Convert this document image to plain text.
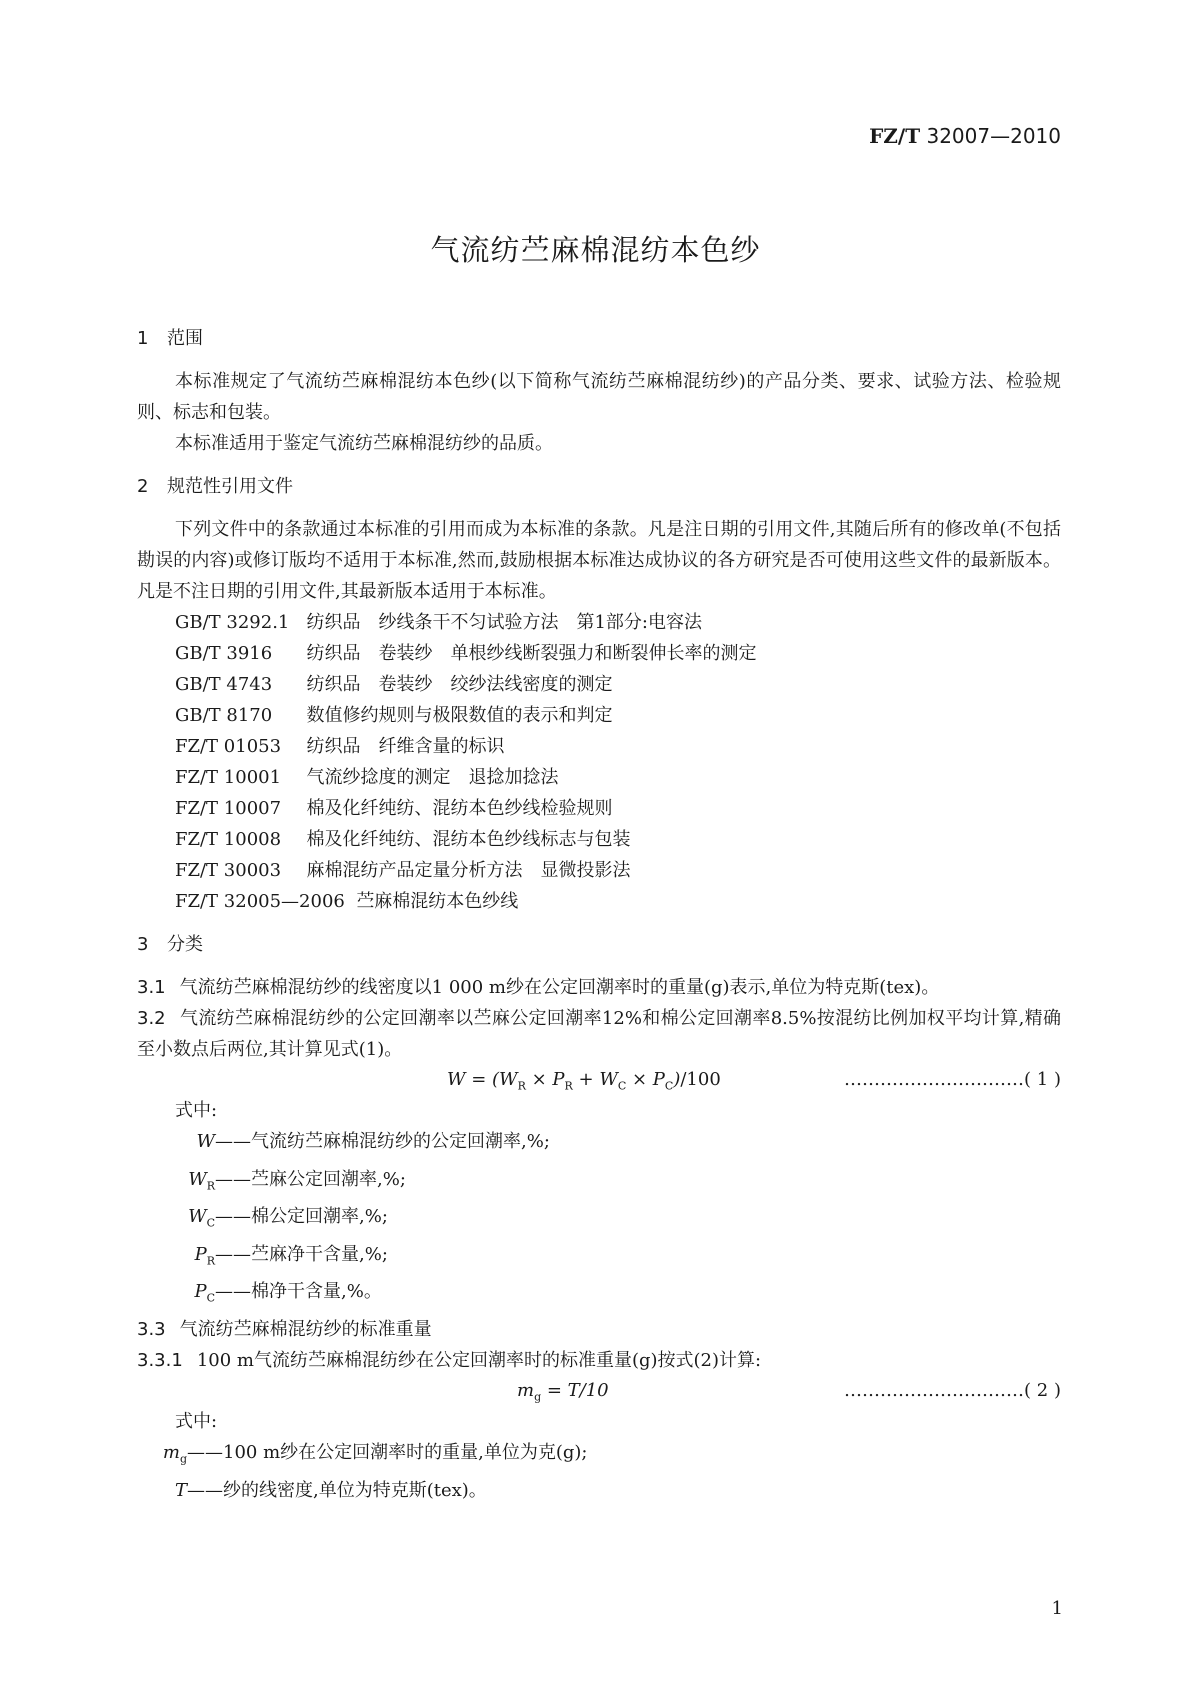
FZ/T 32007—2010
气流纺苎麻棉混纺本色纱
1 范围
本标准规定了气流纺苎麻棉混纺本色纱(以下简称气流纺苎麻棉混纺纱)的产品分类、要求、试验方法、检验规则、标志和包装。
本标准适用于鉴定气流纺苎麻棉混纺纱的品质。
2 规范性引用文件
下列文件中的条款通过本标准的引用而成为本标准的条款。凡是注日期的引用文件,其随后所有的修改单(不包括勘误的内容)或修订版均不适用于本标准,然而,鼓励根据本标准达成协议的各方研究是否可使用这些文件的最新版本。凡是不注日期的引用文件,其最新版本适用于本标准。
GB/T 3292.1 纺织品　纱线条干不匀试验方法　第1部分:电容法
GB/T 3916 纺织品　卷装纱　单根纱线断裂强力和断裂伸长率的测定
GB/T 4743 纺织品　卷装纱　绞纱法线密度的测定
GB/T 8170 数值修约规则与极限数值的表示和判定
FZ/T 01053 纺织品　纤维含量的标识
FZ/T 10001 气流纱捻度的测定　退捻加捻法
FZ/T 10007 棉及化纤纯纺、混纺本色纱线检验规则
FZ/T 10008 棉及化纤纯纺、混纺本色纱线标志与包装
FZ/T 30003 麻棉混纺产品定量分析方法　显微投影法
FZ/T 32005—2006 苎麻棉混纺本色纱线
3 分类
3.1 气流纺苎麻棉混纺纱的线密度以1 000 m纱在公定回潮率时的重量(g)表示,单位为特克斯(tex)。
3.2 气流纺苎麻棉混纺纱的公定回潮率以苎麻公定回潮率12%和棉公定回潮率8.5%按混纺比例加权平均计算,精确至小数点后两位,其计算见式(1)。
$W = (W_R \times P_R + W_C \times P_C)/100$	…………………………( 1 )
式中:
W——气流纺苎麻棉混纺纱的公定回潮率,%;
$W_R——$苎麻公定回潮率,%;
$W_C——$棉公定回潮率,%;
$P_R——$苎麻净干含量,%;
$P_C——$棉净干含量,%。
3.3 气流纺苎麻棉混纺纱的标准重量
3.3.1 100 m气流纺苎麻棉混纺纱在公定回潮率时的标准重量(g)按式(2)计算:
$m_g = T/10$	…………………………( 2 )
式中:
$m_g——100$ m纱在公定回潮率时的重量,单位为克(g);
T——纱的线密度,单位为特克斯(tex)。
1
